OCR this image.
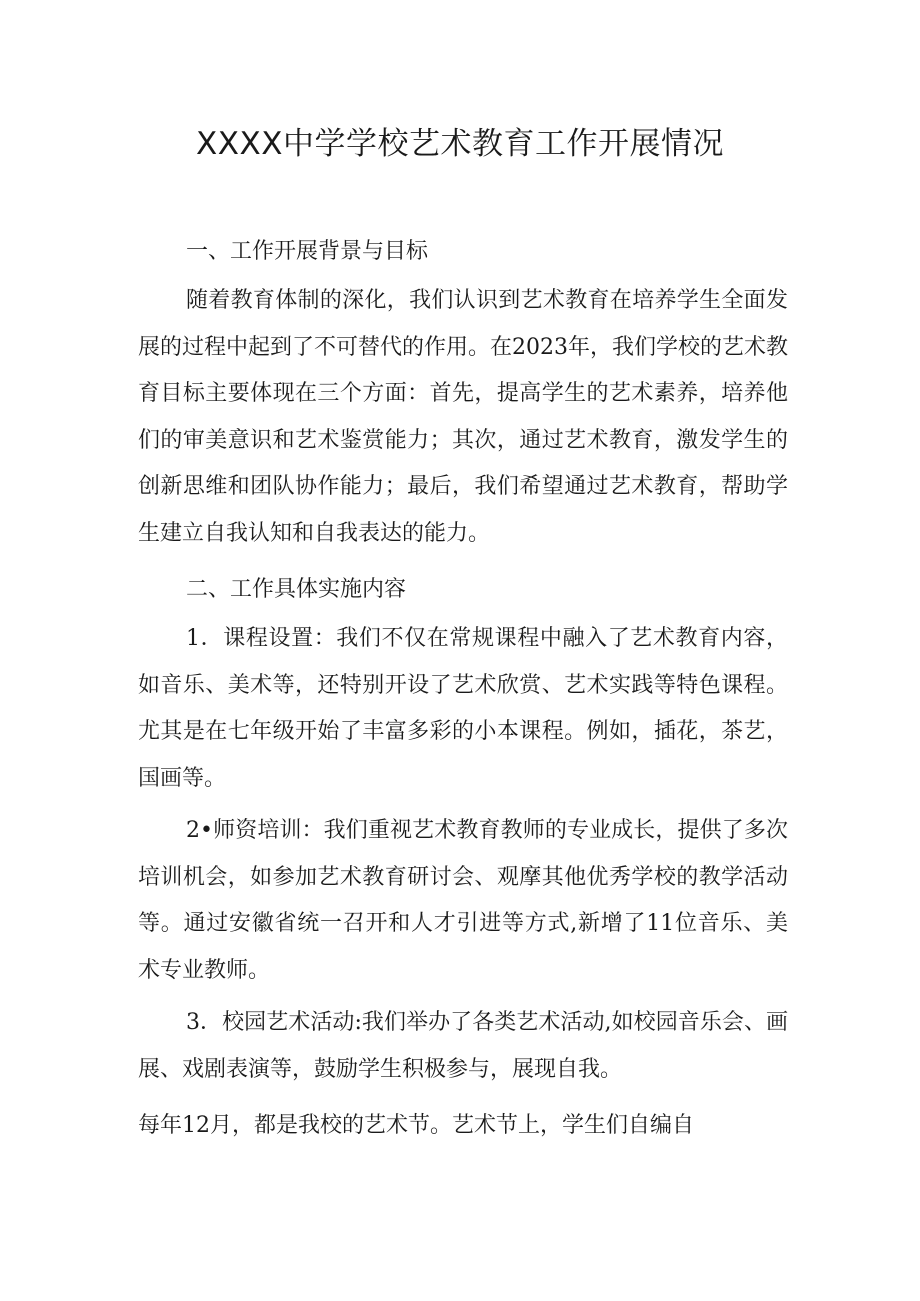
XXXX中学学校艺术教育工作开展情况
一、工作开展背景与目标

随着教育体制的深化，我们认识到艺术教育在培养学生全面发展的过程中起到了不可替代的作用。在2023年，我们学校的艺术教育目标主要体现在三个方面：首先，提高学生的艺术素养，培养他们的审美意识和艺术鉴赏能力；其次，通过艺术教育，激发学生的创新思维和团队协作能力；最后，我们希望通过艺术教育，帮助学生建立自我认知和自我表达的能力。

二、工作具体实施内容

1．课程设置：我们不仅在常规课程中融入了艺术教育内容，如音乐、美术等，还特别开设了艺术欣赏、艺术实践等特色课程。尤其是在七年级开始了丰富多彩的小本课程。例如，插花，茶艺，国画等。

2•师资培训：我们重视艺术教育教师的专业成长，提供了多次培训机会，如参加艺术教育研讨会、观摩其他优秀学校的教学活动等。通过安徽省统一召开和人才引进等方式,新增了11位音乐、美术专业教师。

3．校园艺术活动:我们举办了各类艺术活动,如校园音乐会、画展、戏剧表演等，鼓励学生积极参与，展现自我。

每年12月，都是我校的艺术节。艺术节上，学生们自编自
